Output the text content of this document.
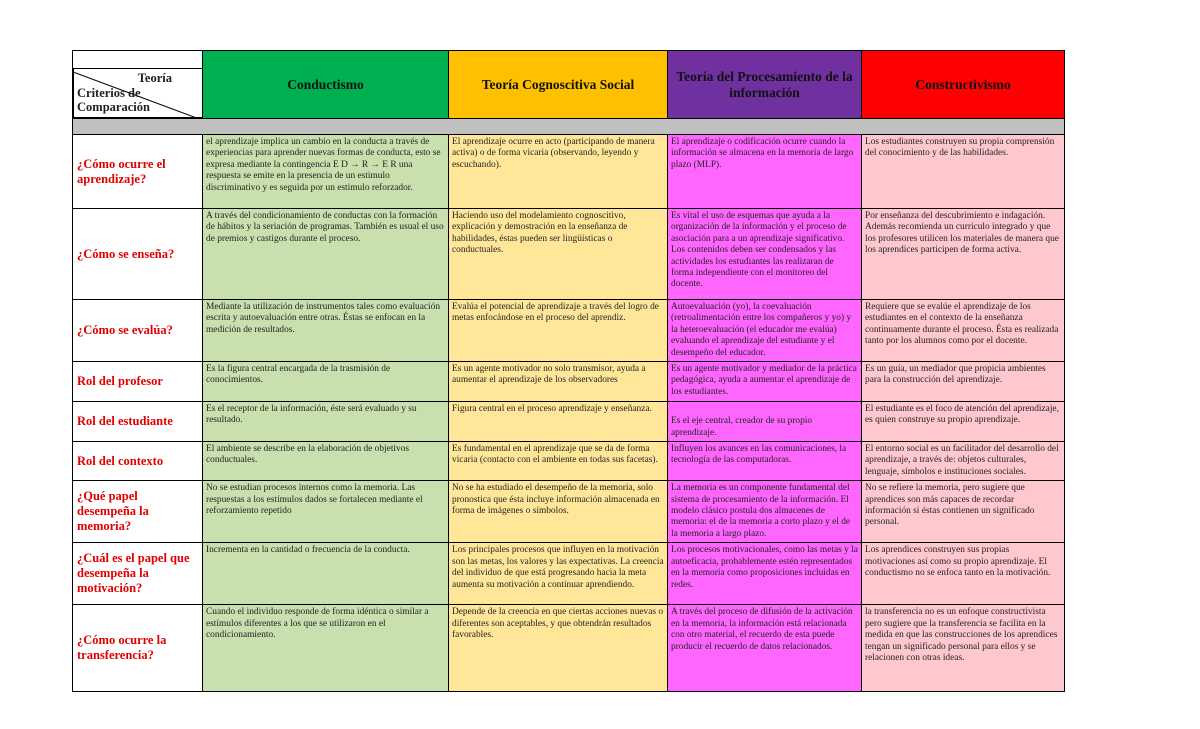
Teoría
Criterios de Comparación	Conductismo	Teoría Cognoscitiva Social	Teoría del Procesamiento de la información	Constructivismo

¿Cómo ocurre el aprendizaje?	el aprendizaje implica un cambio en la conducta a través de experiencias para aprender nuevas formas de conducta, esto se expresa mediante la contingencia E D → R → E R una respuesta se emite en la presencia de un estimulo discriminativo y es seguida por un estimulo reforzador.	El aprendizaje ocurre en acto (participando de manera activa) o de forma vicaria (observando, leyendo y escuchando).	El aprendizaje o codificación ocurre cuando la información se almacena en la memoria de largo plazo (MLP).	Los estudiantes construyen su propia comprensión del conocimiento y de las habilidades.
¿Cómo se enseña?	A través del condicionamiento de conductas con la formación de hábitos y la seriación de programas. También es usual el uso de premios y castigos durante el proceso.	Haciendo uso del modelamiento cognoscitivo, explicación y demostración en la enseñanza de habilidades, éstas pueden ser lingüísticas o conductuales.	Es vital el uso de esquemas que ayuda a la organización de la información y el proceso de asociación para a un aprendizaje significativo. Los contenidos deben ser condensados y las actividades los estudiantes las realizaran de forma independiente con el monitoreo del docente.	Por enseñanza del descubrimiento e indagación. Además recomienda un currículo integrado y que los profesores utilicen los materiales de manera que los aprendices participen de forma activa.
¿Cómo se evalúa?	Mediante la utilización de instrumentos tales como evaluación escrita y autoevaluación entre otras. Éstas se enfocan en la medición de resultados.	Evalúa el potencial de aprendizaje a través del logro de metas enfocándose en el proceso del aprendiz.	Autoevaluación (yo), la coevaluación (retroalimentación entre los compañeros y yo) y la heteroevaluación (el educador me evalúa) evaluando el aprendizaje del estudiante y el desempeño del educador.	Requiere que se evalúe el aprendizaje de los estudiantes en el contexto de la enseñanza continuamente durante el proceso. Ésta es realizada tanto por los alumnos como por el docente.
Rol del profesor	Es la figura central encargada de la trasmisión de conocimientos.	Es un agente motivador no solo transmisor, ayuda a aumentar el aprendizaje de los observadores	Es un agente motivador y mediador de la práctica pedagógica, ayuda a aumentar el aprendizaje de los estudiantes.	Es un guía, un mediador que propicia ambientes para la construcción del aprendizaje.
Rol del estudiante	Es el receptor de la información, éste será evaluado y su resultado.	Figura central en el proceso aprendizaje y enseñanza.	Es el eje central, creador de su propio aprendizaje.	El estudiante es el foco de atención del aprendizaje, es quien construye su propio aprendizaje.
Rol del contexto	El ambiente se describe en la elaboración de objetivos conductuales.	Es fundamental en el aprendizaje que se da de forma vicaria (contacto con el ambiente en todas sus facetas).	Influyen los avances en las comunicaciones, la tecnología de las computadoras.	El entorno social es un facilitador del desarrollo del aprendizaje, a través de: objetos culturales, lenguaje, símbolos e instituciones sociales.
¿Qué papel desempeña la memoria?	No se estudian procesos internos como la memoria. Las respuestas a los estímulos dados se fortalecen mediante el reforzamiento repetido	No se ha estudiado el desempeño de la memoria, solo pronostica que ésta incluye información almacenada en forma de imágenes o símbolos.	La memoria es un componente fundamental del sistema de procesamiento de la información. El modelo clásico postula dos almacenes de memoria: el de la memoria a corto plazo y el de la memoria a largo plazo.	No se refiere la memoria, pero sugiere que aprendices son más capaces de recordar información si éstas contienen un significado personal.
¿Cuál es el papel que desempeña la motivación?	Incrementa en la cantidad o frecuencia de la conducta.	Los principales procesos que influyen en la motivación son las metas, los valores y las expectativas. La creencia del individuo de que está progresando hacia la meta aumenta su motivación a continuar aprendiendo.	Los procesos motivacionales, como las metas y la autoeficacia, probablemente estén representados en la memoria como proposiciones incluidas en redes.	Los aprendices construyen sus propias motivaciones así como su propio aprendizaje. El conductismo no se enfoca tanto en la motivación.
¿Cómo ocurre la transferencia?	Cuando el individuo responde de forma idéntica o similar a estímulos diferentes a los que se utilizaron en el condicionamiento.	Depende de la creencia en que ciertas acciones nuevas o diferentes son aceptables, y que obtendrán resultados favorables.	A través del proceso de difusión de la activación en la memoria, la información está relacionada con otro material, el recuerdo de esta puede producir el recuerdo de datos relacionados.	la transferencia no es un enfoque constructivista pero sugiere que la transferencia se facilita en la medida en que las construcciones de los aprendices tengan un significado personal para ellos y se relacionen con otras ideas.
